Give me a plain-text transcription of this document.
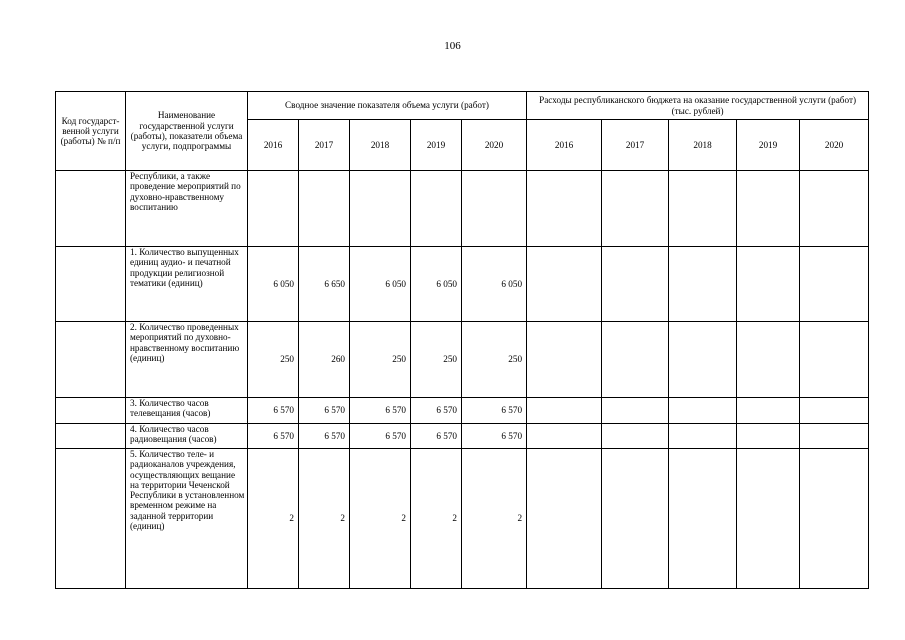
106
Код государст-венной услуги (работы) № п/п	Наименование государственной услуги (работы), показатели объема услуги, подпрограммы	Сводное значение показателя объема услуги (работ)					Расходы республиканского бюджета на оказание государственной услуги (работ) (тыс. рублей)				
		2016	2017	2018	2019	2020	2016	2017	2018	2019	2020
	Республики, а также проведение мероприятий по духовно-нравственному воспитанию										
	1. Количество выпущенных единиц аудио- и печатной продукции религиозной тематики (единиц)	6 050	6 650	6 050	6 050	6 050					
	2. Количество проведенных мероприятий по духовно-нравственному воспитанию (единиц)	250	260	250	250	250					
	3. Количество часов телевещания (часов)	6 570	6 570	6 570	6 570	6 570					
	4. Количество часов радиовещания (часов)	6 570	6 570	6 570	6 570	6 570					
	5. Количество теле- и радиоканалов учреждения, осуществляющих вещание на территории Чеченской Республики в установленном временном режиме на заданной территории (единиц)	2	2	2	2	2					
